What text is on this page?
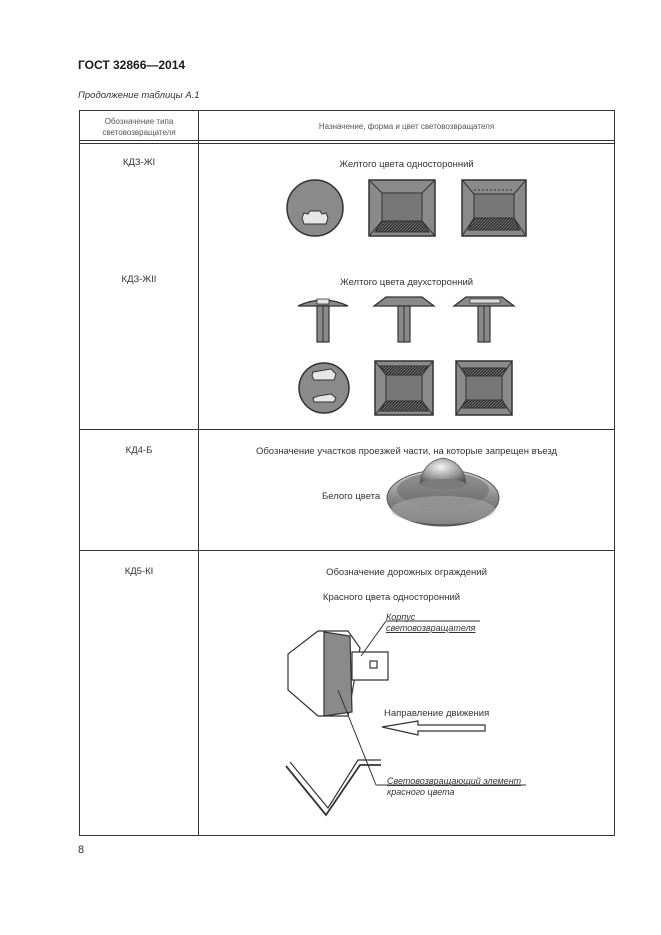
ГОСТ 32866—2014
Продолжение таблицы А.1
Обозначение типа световозвращателя
Назначение, форма и цвет световозвращателя
КДЗ-ЖI
КДЗ-ЖII
КД4-Б
КД5-КI
Желтого цвета односторонний
Желтого цвета двухсторонний
Обозначение участков проезжей части, на которые запрещен въезд
Белого цвета
Обозначение дорожных ограждений
Красного цвета односторонний
Корпус
световозвращателя
Направление движения
Световозвращающий элемент
красного цвета
8
